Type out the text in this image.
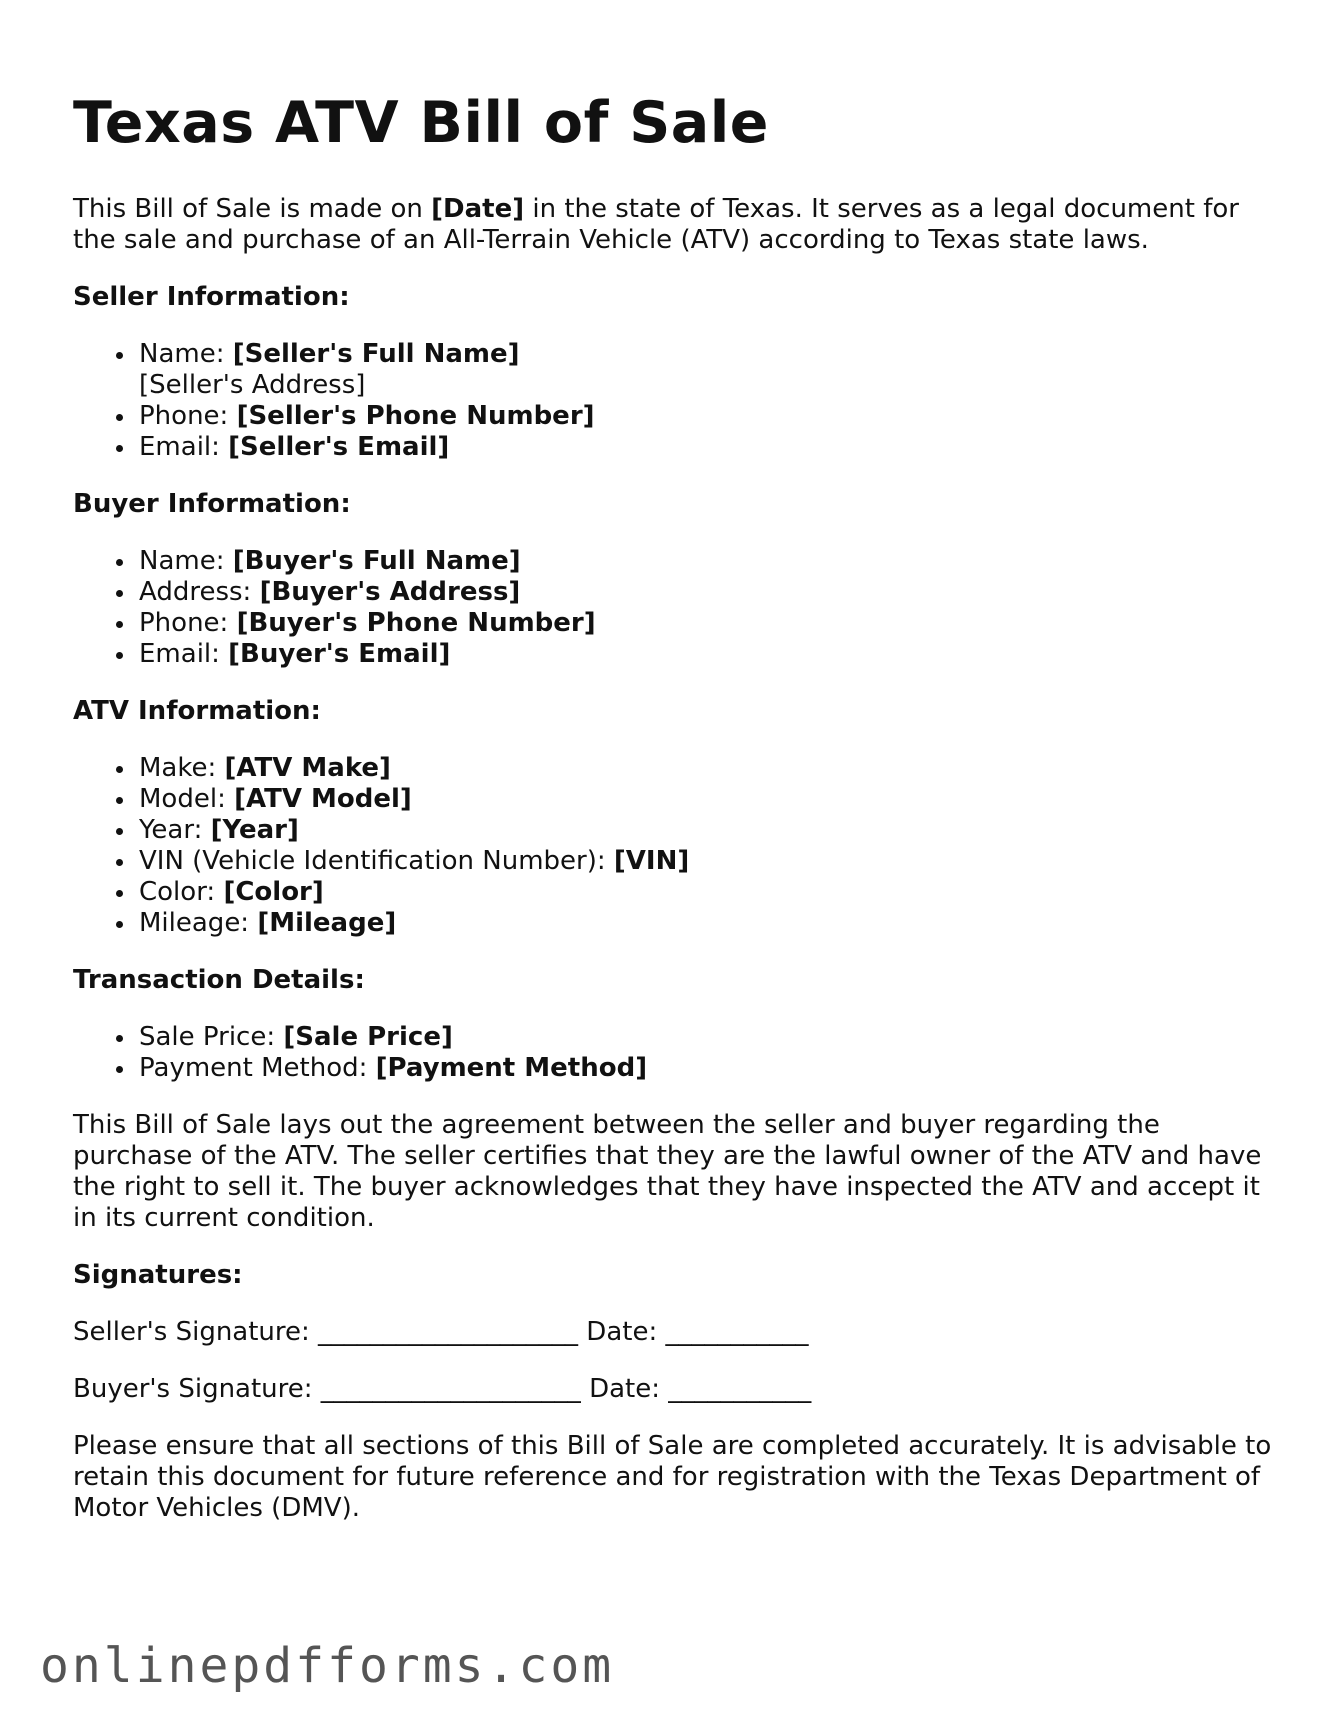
Texas ATV Bill of Sale

This Bill of Sale is made on [Date] in the state of Texas. It serves as a legal document for the sale and purchase of an All-Terrain Vehicle (ATV) according to Texas state laws.

Seller Information:

Name: [Seller's Full Name]
[Seller's Address]
Phone: [Seller's Phone Number]
Email: [Seller's Email]

Buyer Information:

Name: [Buyer's Full Name]
Address: [Buyer's Address]
Phone: [Buyer's Phone Number]
Email: [Buyer's Email]

ATV Information:

Make: [ATV Make]
Model: [ATV Model]
Year: [Year]
VIN (Vehicle Identification Number): [VIN]
Color: [Color]
Mileage: [Mileage]

Transaction Details:

Sale Price: [Sale Price]
Payment Method: [Payment Method]

This Bill of Sale lays out the agreement between the seller and buyer regarding the purchase of the ATV. The seller certifies that they are the lawful owner of the ATV and have the right to sell it. The buyer acknowledges that they have inspected the ATV and accept it in its current condition.

Signatures:

Seller's Signature: ____________________ Date: ___________

Buyer's Signature: ____________________ Date: ___________

Please ensure that all sections of this Bill of Sale are completed accurately. It is advisable to retain this document for future reference and for registration with the Texas Department of Motor Vehicles (DMV).

onlinepdfforms.com
